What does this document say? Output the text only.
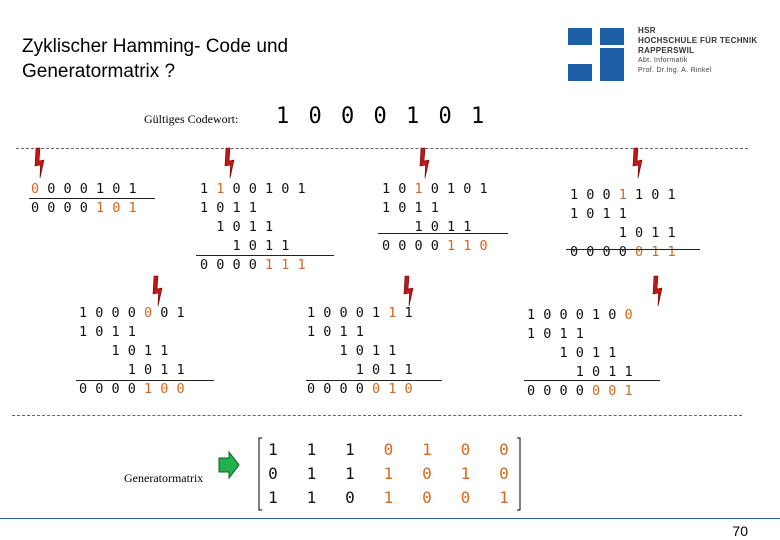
Zyklischer Hamming- Code und
Generatormatrix ?
HSR
HOCHSCHULE FÜR TECHNIK
RAPPERSWIL
Abt. Informatik
Prof. Dr.Ing. A. Rinkel
Gültiges Codewort: 1 0 0 0 1 0 1
0 0 0 0 1 0 1
0 0 0 0 1 0 1
1 1 0 0 1 0 1
1 0 1 1
1 0 1 1
1 0 1 1
0 0 0 0 1 1 1
1 0 1 0 1 0 1
1 0 1 1
1 0 1 1
0 0 0 0 1 1 0
1 0 0 1 1 0 1
1 0 1 1
1 0 1 1
0 0 0 0 0 1 1
1 0 0 0 0 0 1
1 0 1 1
1 0 1 1
1 0 1 1
0 0 0 0 1 0 0
1 0 0 0 1 1 1
1 0 1 1
1 0 1 1
1 0 1 1
0 0 0 0 0 1 0
1 0 0 0 1 0 0
1 0 1 1
1 0 1 1
1 0 1 1
0 0 0 0 0 0 1
Generatormatrix
1
0
1
1
1
1
1
1
0
0
1
1
1
0
0
0
1
0
0
0
1
70
